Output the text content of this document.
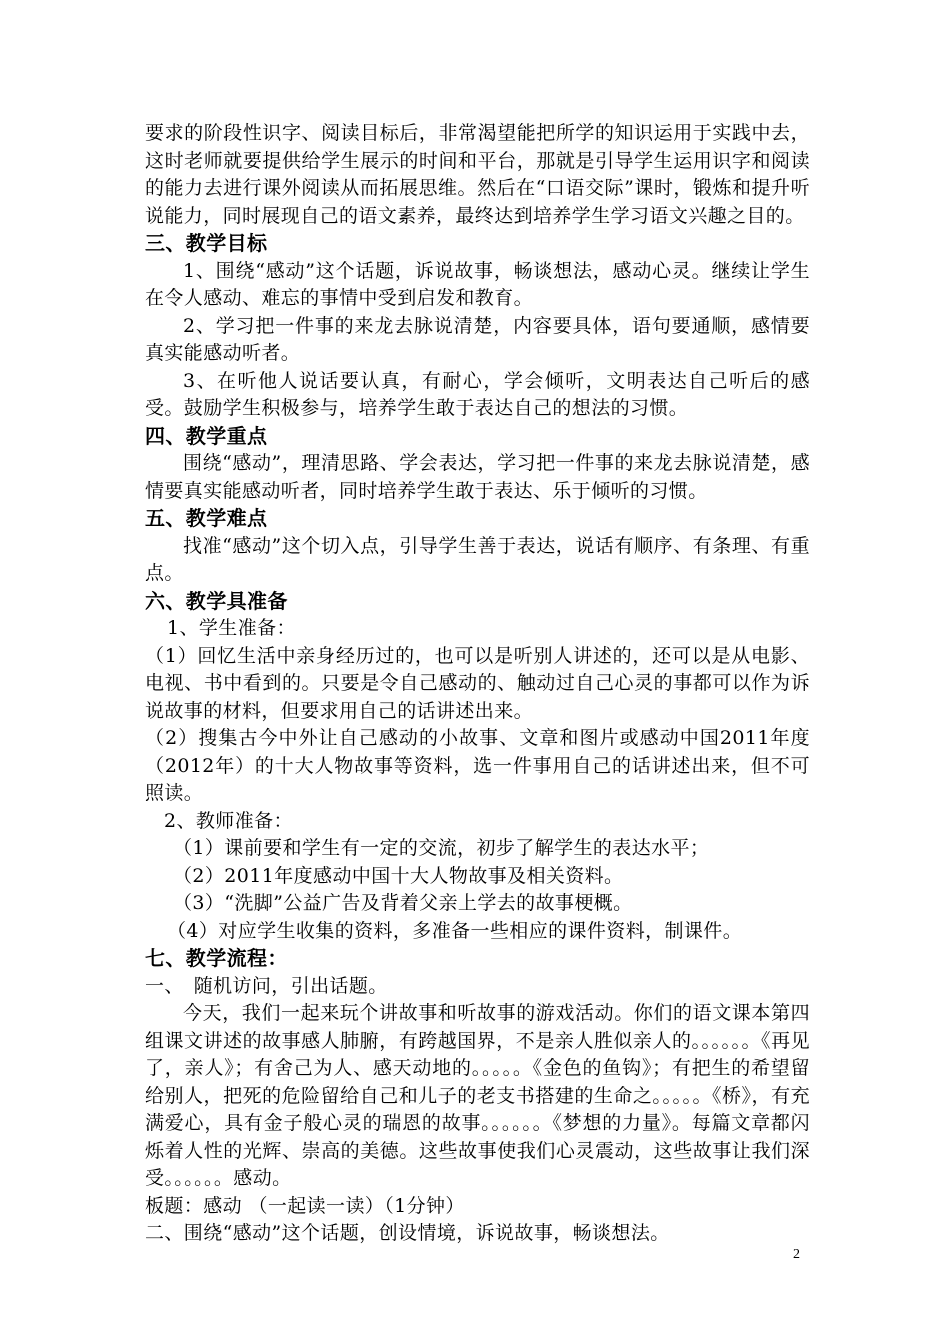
要求的阶段性识字、阅读目标后，非常渴望能把所学的知识运用于实践中去，这时老师就要提供给学生展示的时间和平台，那就是引导学生运用识字和阅读的能力去进行课外阅读从而拓展思维。然后在“口语交际”课时，锻炼和提升听说能力，同时展现自己的语文素养，最终达到培养学生学习语文兴趣之目的。

三、教学目标

1、围绕“感动”这个话题，诉说故事，畅谈想法，感动心灵。继续让学生在令人感动、难忘的事情中受到启发和教育。

2、学习把一件事的来龙去脉说清楚，内容要具体，语句要通顺，感情要真实能感动听者。

3、在听他人说话要认真，有耐心，学会倾听，文明表达自己听后的感受。鼓励学生积极参与，培养学生敢于表达自己的想法的习惯。

四、教学重点

围绕“感动”，理清思路、学会表达，学习把一件事的来龙去脉说清楚，感情要真实能感动听者，同时培养学生敢于表达、乐于倾听的习惯。

五、教学难点

找准“感动”这个切入点，引导学生善于表达，说话有顺序、有条理、有重点。

六、教学具准备

1、学生准备：

（1）回忆生活中亲身经历过的，也可以是听别人讲述的，还可以是从电影、电视、书中看到的。只要是令自己感动的、触动过自己心灵的事都可以作为诉说故事的材料，但要求用自己的话讲述出来。

（2）搜集古今中外让自己感动的小故事、文章和图片或感动中国2011年度（2012年）的十大人物故事等资料，选一件事用自己的话讲述出来，但不可照读。

2、教师准备：

（1）课前要和学生有一定的交流，初步了解学生的表达水平；

（2）2011年度感动中国十大人物故事及相关资料。

（3）“洗脚”公益广告及背着父亲上学去的故事梗概。

（4）对应学生收集的资料，多准备一些相应的课件资料，制课件。

七、教学流程：

一、　随机访问，引出话题。

今天，我们一起来玩个讲故事和听故事的游戏活动。你们的语文课本第四组课文讲述的故事感人肺腑，有跨越国界，不是亲人胜似亲人的。。。。。。《再见了，亲人》；有舍己为人、感天动地的。。。。。《金色的鱼钩》；有把生的希望留给别人，把死的危险留给自己和儿子的老支书搭建的生命之。。。。。《桥》，有充满爱心，具有金子般心灵的瑞恩的故事。。。。。。《梦想的力量》。每篇文章都闪烁着人性的光辉、崇高的美德。这些故事使我们心灵震动，这些故事让我们深受。。。。。。感动。

板题：感动 （一起读一读）（1分钟）

二、围绕“感动”这个话题，创设情境，诉说故事，畅谈想法。

2
